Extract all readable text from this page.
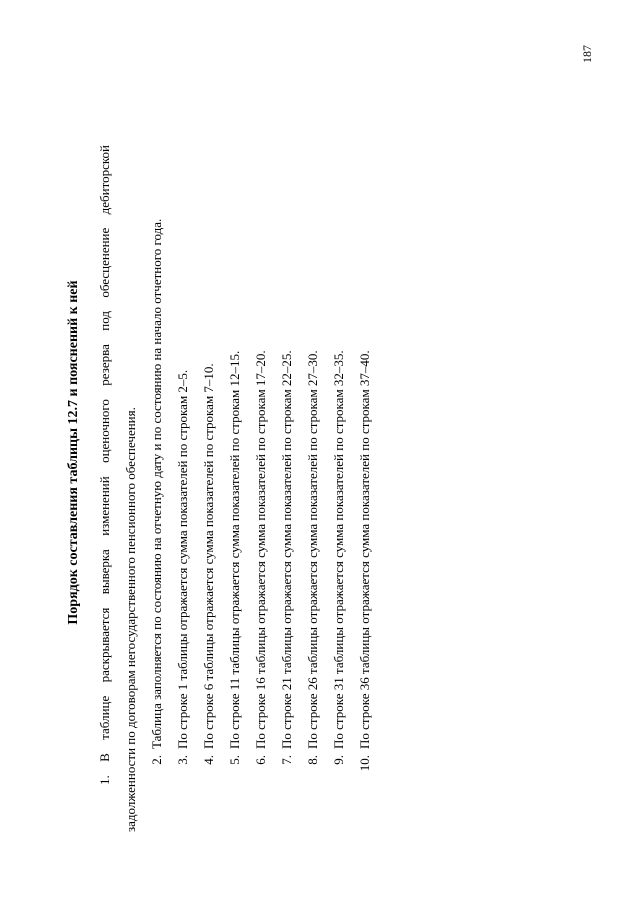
187
Порядок составления таблицы 12.7 и пояснений к ней
1. В таблице раскрывается выверка изменений оценочного резерва под обесценение дебиторской задолженности по договорам негосударственного пенсионного обеспечения. 2.Таблица заполняется по состоянию на отчетную дату и по состоянию на начало отчетного года.
3.По строке 1 таблицы отражается сумма показателей по строкам 2–5.
4.По строке 6 таблицы отражается сумма показателей по строкам 7–10.
5.По строке 11 таблицы отражается сумма показателей по строкам 12–15.
6.По строке 16 таблицы отражается сумма показателей по строкам 17–20.
7.По строке 21 таблицы отражается сумма показателей по строкам 22–25.
8.По строке 26 таблицы отражается сумма показателей по строкам 27–30.
9.По строке 31 таблицы отражается сумма показателей по строкам 32–35.
10.По строке 36 таблицы отражается сумма показателей по строкам 37–40.
